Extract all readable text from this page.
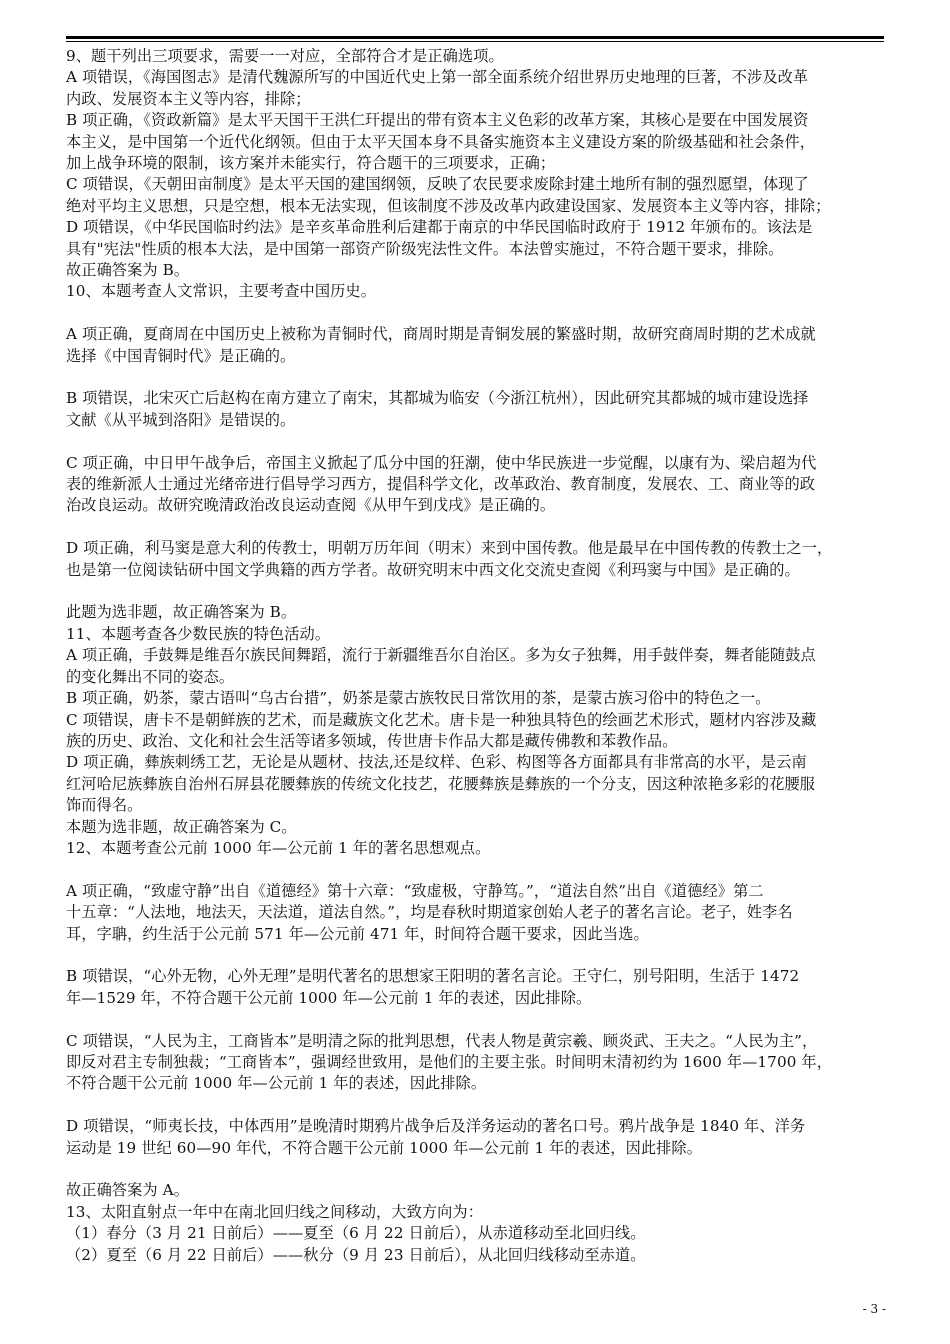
9、题干列出三项要求，需要一一对应，全部符合才是正确选项。

A 项错误，《海国图志》是清代魏源所写的中国近代史上第一部全面系统介绍世界历史地理的巨著，不涉及改革

内政、发展资本主义等内容，排除；

B 项正确，《资政新篇》是太平天国干王洪仁玕提出的带有资本主义色彩的改革方案，其核心是要在中国发展资

本主义，是中国第一个近代化纲领。但由于太平天国本身不具备实施资本主义建设方案的阶级基础和社会条件，

加上战争环境的限制，该方案并未能实行，符合题干的三项要求，正确；

C 项错误，《天朝田亩制度》是太平天国的建国纲领，反映了农民要求废除封建土地所有制的强烈愿望，体现了

绝对平均主义思想，只是空想，根本无法实现，但该制度不涉及改革内政建设国家、发展资本主义等内容，排除；

D 项错误，《中华民国临时约法》是辛亥革命胜利后建都于南京的中华民国临时政府于 1912 年颁布的。该法是

具有"宪法"性质的根本大法，是中国第一部资产阶级宪法性文件。本法曾实施过，不符合题干要求，排除。

故正确答案为 B。

10、本题考查人文常识，主要考查中国历史。

A 项正确，夏商周在中国历史上被称为青铜时代，商周时期是青铜发展的繁盛时期，故研究商周时期的艺术成就

选择《中国青铜时代》是正确的。

B 项错误，北宋灭亡后赵构在南方建立了南宋，其都城为临安（今浙江杭州），因此研究其都城的城市建设选择

文献《从平城到洛阳》是错误的。

C 项正确，中日甲午战争后，帝国主义掀起了瓜分中国的狂潮，使中华民族进一步觉醒，以康有为、梁启超为代

表的维新派人士通过光绪帝进行倡导学习西方，提倡科学文化，改革政治、教育制度，发展农、工、商业等的政

治改良运动。故研究晚清政治改良运动查阅《从甲午到戊戌》是正确的。

D 项正确，利马窦是意大利的传教士，明朝万历年间（明末）来到中国传教。他是最早在中国传教的传教士之一，

也是第一位阅读钻研中国文学典籍的西方学者。故研究明末中西文化交流史查阅《利玛窦与中国》是正确的。

此题为选非题，故正确答案为 B。

11、本题考查各少数民族的特色活动。

A 项正确，手鼓舞是维吾尔族民间舞蹈，流行于新疆维吾尔自治区。多为女子独舞，用手鼓伴奏，舞者能随鼓点

的变化舞出不同的姿态。

B 项正确，奶茶，蒙古语叫“乌古台措”，奶茶是蒙古族牧民日常饮用的茶，是蒙古族习俗中的特色之一。

C 项错误，唐卡不是朝鲜族的艺术，而是藏族文化艺术。唐卡是一种独具特色的绘画艺术形式，题材内容涉及藏

族的历史、政治、文化和社会生活等诸多领域，传世唐卡作品大都是藏传佛教和苯教作品。

D 项正确，彝族刺绣工艺，无论是从题材、技法,还是纹样、色彩、构图等各方面都具有非常高的水平，是云南

红河哈尼族彝族自治州石屏县花腰彝族的传统文化技艺，花腰彝族是彝族的一个分支，因这种浓艳多彩的花腰服

饰而得名。

本题为选非题，故正确答案为 C。

12、本题考查公元前 1000 年—公元前 1 年的著名思想观点。

A 项正确，“致虚守静”出自《道德经》第十六章：“致虚极，守静笃。”，“道法自然”出自《道德经》第二

十五章：“人法地，地法天，天法道，道法自然。”，均是春秋时期道家创始人老子的著名言论。老子，姓李名

耳，字聃，约生活于公元前 571 年—公元前 471 年，时间符合题干要求，因此当选。

B 项错误，“心外无物，心外无理”是明代著名的思想家王阳明的著名言论。王守仁，别号阳明，生活于 1472

年—1529 年，不符合题干公元前 1000 年—公元前 1 年的表述，因此排除。

C 项错误，“人民为主，工商皆本”是明清之际的批判思想，代表人物是黄宗羲、顾炎武、王夫之。“人民为主”，

即反对君主专制独裁；“工商皆本”，强调经世致用，是他们的主要主张。时间明末清初约为 1600 年—1700 年，

不符合题干公元前 1000 年—公元前 1 年的表述，因此排除。

D 项错误，“师夷长技，中体西用”是晚清时期鸦片战争后及洋务运动的著名口号。鸦片战争是 1840 年、洋务

运动是 19 世纪 60—90 年代，不符合题干公元前 1000 年—公元前 1 年的表述，因此排除。

故正确答案为 A。

13、太阳直射点一年中在南北回归线之间移动，大致方向为：

（1）春分（3 月 21 日前后）——夏至（6 月 22 日前后），从赤道移动至北回归线。

（2）夏至（6 月 22 日前后）——秋分（9 月 23 日前后），从北回归线移动至赤道。

- 3 -
